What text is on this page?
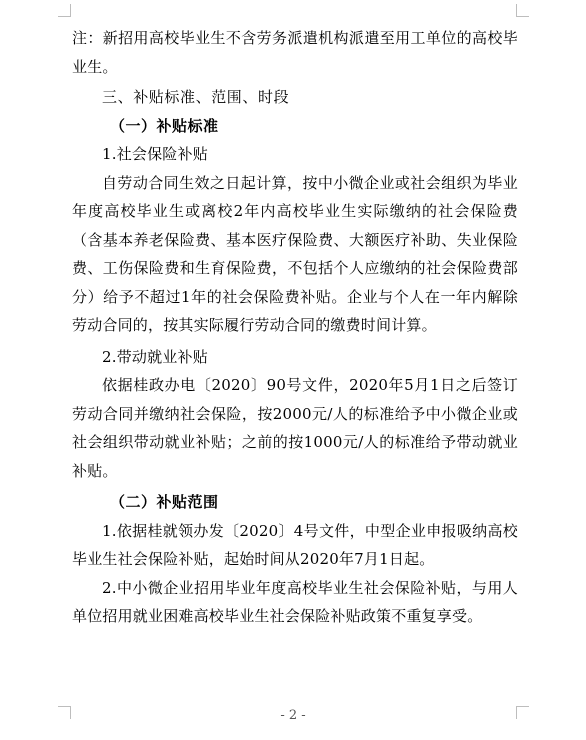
注：新招用高校毕业生不含劳务派遣机构派遣至用工单位的高校毕业生。

三、补贴标准、范围、时段

（一）补贴标准

1.社会保险补贴

自劳动合同生效之日起计算，按中小微企业或社会组织为毕业年度高校毕业生或离校2年内高校毕业生实际缴纳的社会保险费（含基本养老保险费、基本医疗保险费、大额医疗补助、失业保险费、工伤保险费和生育保险费，不包括个人应缴纳的社会保险费部分）给予不超过1年的社会保险费补贴。企业与个人在一年内解除劳动合同的，按其实际履行劳动合同的缴费时间计算。

2.带动就业补贴

依据桂政办电〔2020〕90号文件，2020年5月1日之后签订劳动合同并缴纳社会保险，按2000元/人的标准给予中小微企业或社会组织带动就业补贴；之前的按1000元/人的标准给予带动就业补贴。

（二）补贴范围

1.依据桂就领办发〔2020〕4号文件，中型企业申报吸纳高校毕业生社会保险补贴，起始时间从2020年7月1日起。

2.中小微企业招用毕业年度高校毕业生社会保险补贴，与用人单位招用就业困难高校毕业生社会保险补贴政策不重复享受。

- 2 -
